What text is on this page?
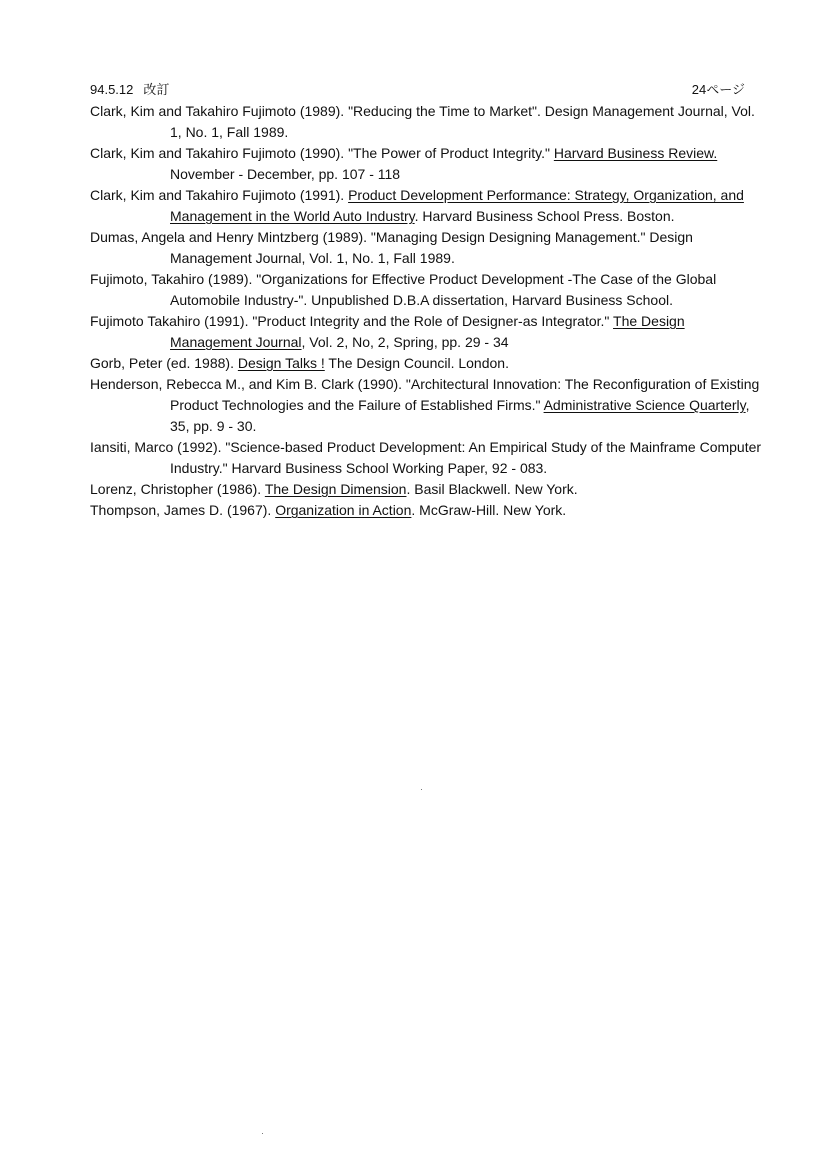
94.5.12 改訂	24ページ

Clark, Kim and Takahiro Fujimoto (1989). "Reducing the Time to Market". Design Management Journal, Vol. 1, No. 1, Fall 1989.

Clark, Kim and Takahiro Fujimoto (1990). "The Power of Product Integrity." Harvard Business Review. November - December, pp. 107 - 118

Clark, Kim and Takahiro Fujimoto (1991). Product Development Performance: Strategy, Organization, and Management in the World Auto Industry. Harvard Business School Press. Boston.

Dumas, Angela and Henry Mintzberg (1989). "Managing Design Designing Management." Design Management Journal, Vol. 1, No. 1, Fall 1989.

Fujimoto, Takahiro (1989). "Organizations for Effective Product Development -The Case of the Global Automobile Industry-". Unpublished D.B.A dissertation, Harvard Business School.

Fujimoto Takahiro (1991). "Product Integrity and the Role of Designer-as Integrator." The Design Management Journal, Vol. 2, No, 2, Spring, pp. 29 - 34

Gorb, Peter (ed. 1988). Design Talks ! The Design Council. London.

Henderson, Rebecca M., and Kim B. Clark (1990). "Architectural Innovation: The Reconfiguration of Existing Product Technologies and the Failure of Established Firms." Administrative Science Quarterly, 35, pp. 9 - 30.

Iansiti, Marco (1992). "Science-based Product Development: An Empirical Study of the Mainframe Computer Industry." Harvard Business School Working Paper, 92 - 083.

Lorenz, Christopher (1986). The Design Dimension. Basil Blackwell. New York.

Thompson, James D. (1967). Organization in Action. McGraw-Hill. New York.
